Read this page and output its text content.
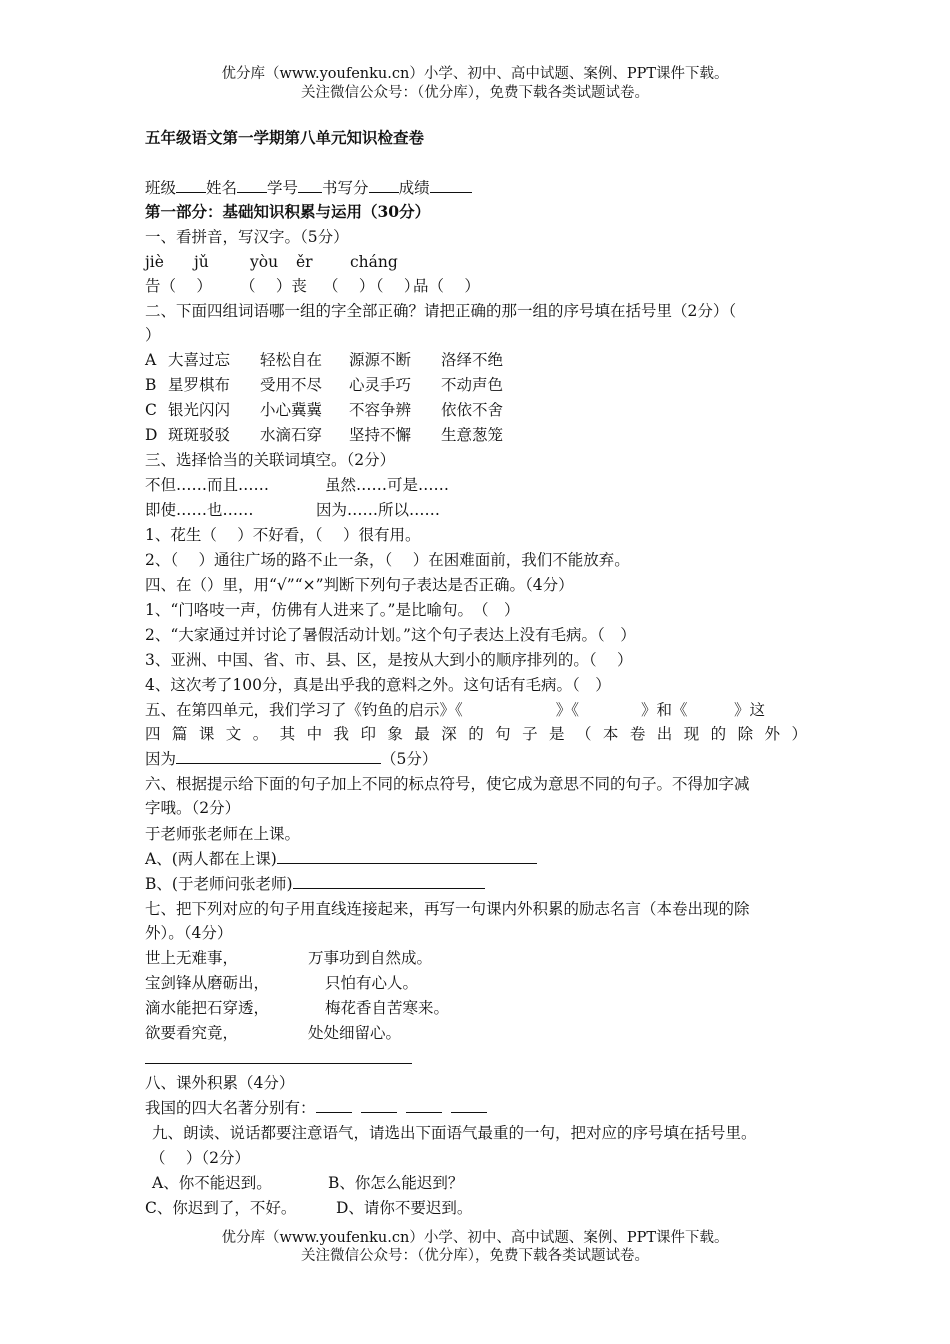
优分库（www.youfenku.cn）小学、初中、高中试题、案例、PPT课件下载。
关注微信公众号：（优分库），免费下载各类试题试卷。
五年级语文第一学期第八单元知识检查卷
班级 姓名 学号 书写分 成绩
第一部分：基础知识积累与运用（30分）
一、看拼音，写汉字。（5分）
jiè jǔ	yòu ěr cháng
告（　 ） （　 ）丧 （　 ）
（　 ）
品（　 ）
二、下面四组词语哪一组的字全部正确？请把正确的那一组的序号填在括号里（2分）（
）
A 大喜过忘 轻松自在 源源不断 洛绎不绝
B 星罗棋布 受用不尽 心灵手巧 不动声色
C 银光闪闪 小心冀冀 不容争辨 依依不舍
D 斑斑驳驳 水滴石穿 坚持不懈 生意葱笼
三、选择恰当的关联词填空。（2分）
不但……而且……	虽然……可是……
即使……也……	因为……所以……
1、花生（　 ）不好看，（　 ）很有用。
2、（　 ）通往广场的路不止一条，（　 ）在困难面前，我们不能放弃。
四、在（）里，用“√”“×”判断下列句子表达是否正确。（4分）
1、“门咯吱一声，仿佛有人进来了。”是比喻句。　（　）
2、“大家通过并讨论了暑假活动计划。”这个句子表达上没有毛病。（　）
3、亚洲、中国、省、市、县、区，是按从大到小的顺序排列的。（　 ）
4、这次考了100分，真是出乎我的意料之外。这句话有毛病。（　）
五、在第四单元，我们学习了《钓鱼的启示》《　　　　　　》《　　　　》和《　　　》这
四篇课文。其中我印象最深的句子是（本卷出现的除外）
因为	（5分）
六、根据提示给下面的句子加上不同的标点符号，使它成为意思不同的句子。不得加字减
字哦。（2分）
于老师张老师在上课。
A、(两人都在上课)
B、(于老师问张老师)
七、把下列对应的句子用直线连接起来，再写一句课内外积累的励志名言（本卷出现的除
外）。（4分）
世上无难事，	万事功到自然成。
宝剑锋从磨砺出，	只怕有心人。
滴水能把石穿透，	梅花香自苦寒来。
欲要看究竟，	处处细留心。
八、课外积累（4分）
我国的四大名著分别有：
九、朗读、说话都要注意语气，请选出下面语气最重的一句，把对应的序号填在括号里。
（　 ）（2分）
A、你不能迟到。	B、你怎么能迟到？
C、你迟到了，不好。	D、请你不要迟到。
优分库（www.youfenku.cn）小学、初中、高中试题、案例、PPT课件下载。
关注微信公众号：（优分库），免费下载各类试题试卷。
